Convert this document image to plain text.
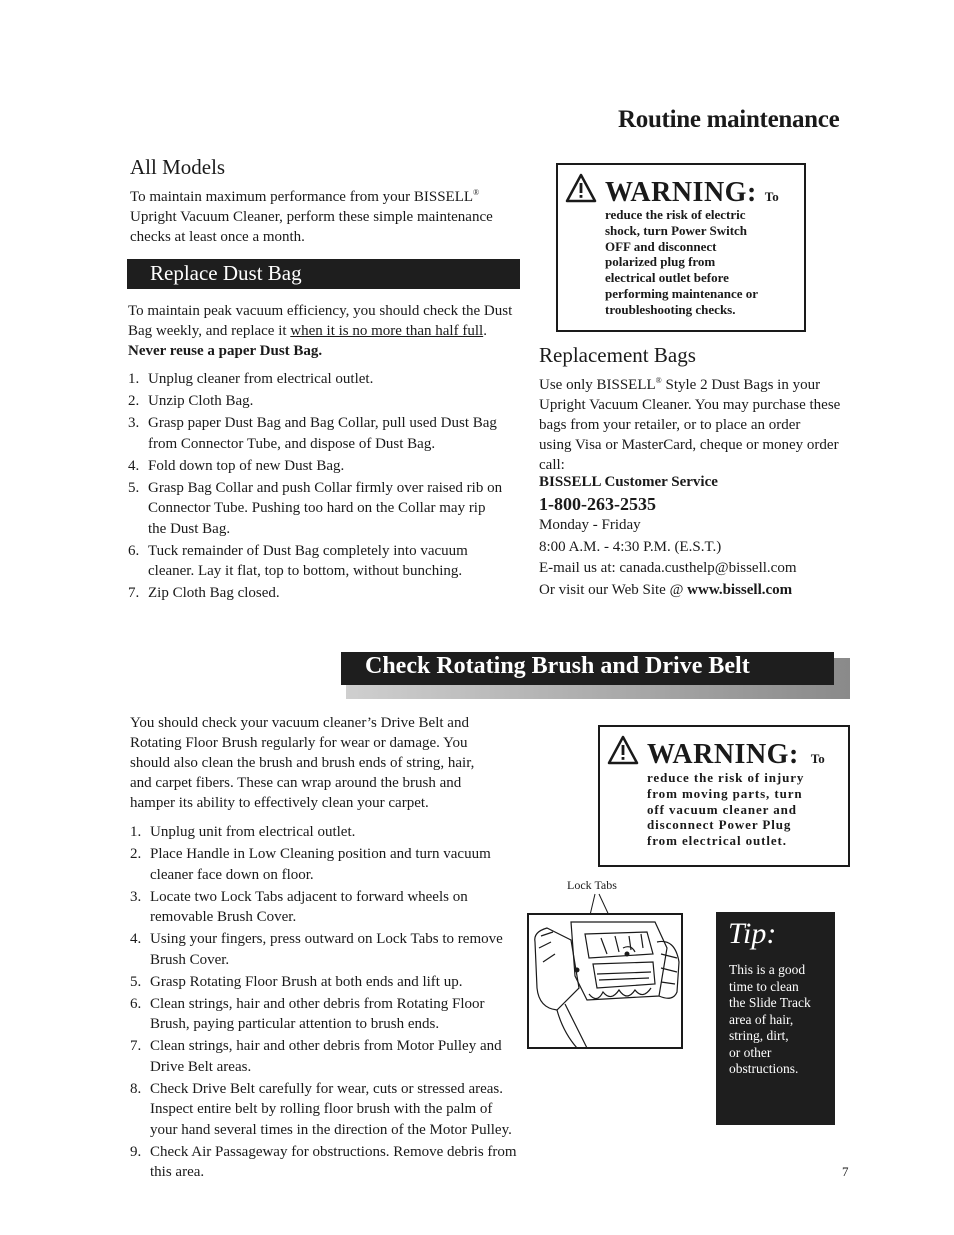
Routine maintenance
All Models
To maintain maximum performance from your BISSELL®
Upright Vacuum Cleaner, perform these simple maintenance
checks at least once a month.
Replace Dust Bag
To maintain peak vacuum efficiency, you should check the Dust
Bag weekly, and replace it when it is no more than half full.
Never reuse a paper Dust Bag.
1. Unplug cleaner from electrical outlet.
2. Unzip Cloth Bag.
3. Grasp paper Dust Bag and Bag Collar, pull used Dust Bag
from Connector Tube, and dispose of Dust Bag.
4. Fold down top of new Dust Bag.
5. Grasp Bag Collar and push Collar firmly over raised rib on
Connector Tube. Pushing too hard on the Collar may rip
the Dust Bag.
6. Tuck remainder of Dust Bag completely into vacuum
cleaner. Lay it flat, top to bottom, without bunching.
7. Zip Cloth Bag closed.
WARNING: To
reduce the risk of electric
shock, turn Power Switch
OFF and disconnect
polarized plug from
electrical outlet before
performing maintenance or
troubleshooting checks.
Replacement Bags
Use only BISSELL® Style 2 Dust Bags in your
Upright Vacuum Cleaner. You may purchase these
bags from your retailer, or to place an order
using Visa or MasterCard, cheque or money order
call:
BISSELL Customer Service
1-800-263-2535
Monday - Friday
8:00 A.M. - 4:30 P.M. (E.S.T.)
E-mail us at: canada.custhelp@bissell.com
Or visit our Web Site @ www.bissell.com
Check Rotating Brush and Drive Belt
You should check your vacuum cleaner’s Drive Belt and
Rotating Floor Brush regularly for wear or damage. You
should also clean the brush and brush ends of string, hair,
and carpet fibers. These can wrap around the brush and
hamper its ability to effectively clean your carpet.
1. Unplug unit from electrical outlet.
2. Place Handle in Low Cleaning position and turn vacuum
cleaner face down on floor.
3. Locate two Lock Tabs adjacent to forward wheels on
removable Brush Cover.
4. Using your fingers, press outward on Lock Tabs to remove
Brush Cover.
5. Grasp Rotating Floor Brush at both ends and lift up.
6. Clean strings, hair and other debris from Rotating Floor
Brush, paying particular attention to brush ends.
7. Clean strings, hair and other debris from Motor Pulley and
Drive Belt areas.
8. Check Drive Belt carefully for wear, cuts or stressed areas.
Inspect entire belt by rolling floor brush with the palm of
your hand several times in the direction of the Motor Pulley.
9. Check Air Passageway for obstructions. Remove debris from
this area.
WARNING: To
reduce the risk of injury
from moving parts, turn
off vacuum cleaner and
disconnect Power Plug
from electrical outlet.
Lock Tabs
Tip:
This is a good
time to clean
the Slide Track
area of hair,
string, dirt,
or other
obstructions.
7
